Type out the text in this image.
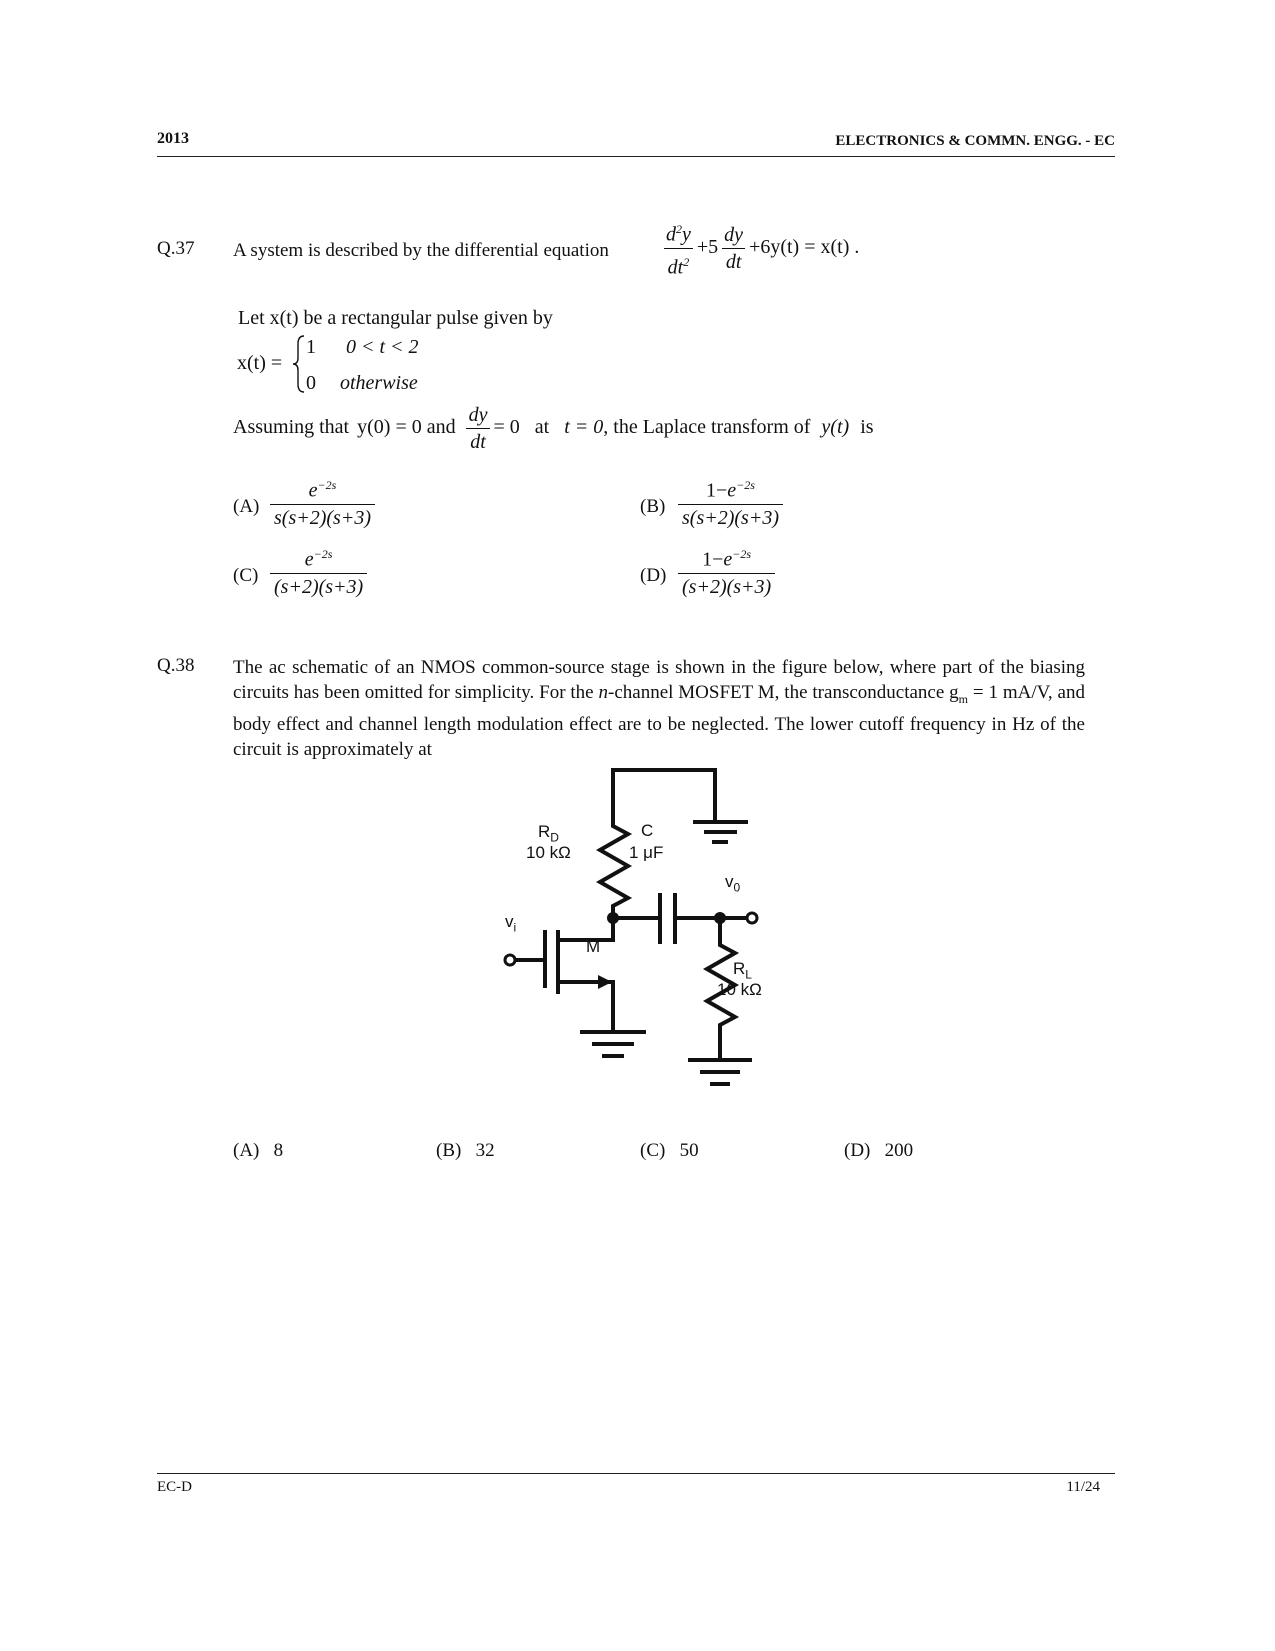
2013	ELECTRONICS & COMMN. ENGG. - EC
Q.37 A system is described by the differential equation	$\frac{d^2y}{dt^2} +5 \frac{dy}{dt} +6y(t) = x(t)$ .
Let x(t) be a rectangular pulse given by
x(t) =
1 0 < t < 2
0 otherwise
Assuming that y(0) = 0 and $\frac{dy}{dt} = 0$ at t = 0, the Laplace transform of y(t) is
$(A) \frac{e^{-2s}}{s(s+2)(s+3)}$	$(B) \frac{1-e^{-2s}}{s(s+2)(s+3)}$
$(C) \frac{e^{-2s}}{(s+2)(s+3)}$	$(D) \frac{1-e^{-2s}}{(s+2)(s+3)}$
Q.38 The ac schematic of an NMOS common-source stage is shown in the figure below, where part of the biasing circuits has been omitted for simplicity. For the n-channel MOSFET M, the transconductance $g_m = 1$ mA/V, and body effect and channel length modulation effect are to be neglected. The lower cutoff frequency in Hz of the circuit is approximately at
$R_D$
10 kΩ
C
1 μF
$v_0$
$v_i$
M
$R_L$
10 kΩ
(A) 8	(B) 32	(C) 50	(D) 200
EC-D	11/24
